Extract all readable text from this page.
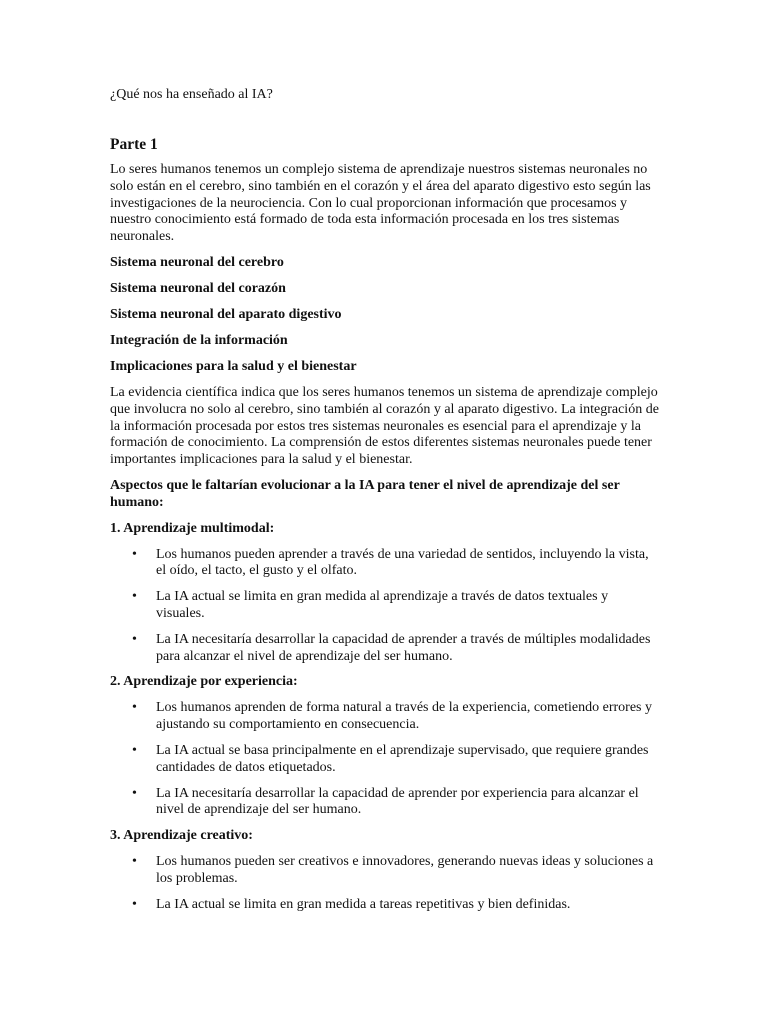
¿Qué nos ha enseñado al IA?
Parte 1

Lo seres humanos tenemos un complejo sistema de aprendizaje nuestros sistemas neuronales no solo están en el cerebro, sino también en el corazón y el área del aparato digestivo esto según las investigaciones de la neurociencia. Con lo cual proporcionan información que procesamos y nuestro conocimiento está formado de toda esta información procesada en los tres sistemas neuronales.

Sistema neuronal del cerebro
Sistema neuronal del corazón
Sistema neuronal del aparato digestivo
Integración de la información
Implicaciones para la salud y el bienestar

La evidencia científica indica que los seres humanos tenemos un sistema de aprendizaje complejo que involucra no solo al cerebro, sino también al corazón y al aparato digestivo. La integración de la información procesada por estos tres sistemas neuronales es esencial para el aprendizaje y la formación de conocimiento. La comprensión de estos diferentes sistemas neuronales puede tener importantes implicaciones para la salud y el bienestar.

Aspectos que le faltarían evolucionar a la IA para tener el nivel de aprendizaje del ser humano:
1. Aprendizaje multimodal:
• Los humanos pueden aprender a través de una variedad de sentidos, incluyendo la vista, el oído, el tacto, el gusto y el olfato.
• La IA actual se limita en gran medida al aprendizaje a través de datos textuales y visuales.
• La IA necesitaría desarrollar la capacidad de aprender a través de múltiples modalidades para alcanzar el nivel de aprendizaje del ser humano.
2. Aprendizaje por experiencia:
• Los humanos aprenden de forma natural a través de la experiencia, cometiendo errores y ajustando su comportamiento en consecuencia.
• La IA actual se basa principalmente en el aprendizaje supervisado, que requiere grandes cantidades de datos etiquetados.
• La IA necesitaría desarrollar la capacidad de aprender por experiencia para alcanzar el nivel de aprendizaje del ser humano.
3. Aprendizaje creativo:
• Los humanos pueden ser creativos e innovadores, generando nuevas ideas y soluciones a los problemas.
• La IA actual se limita en gran medida a tareas repetitivas y bien definidas.
